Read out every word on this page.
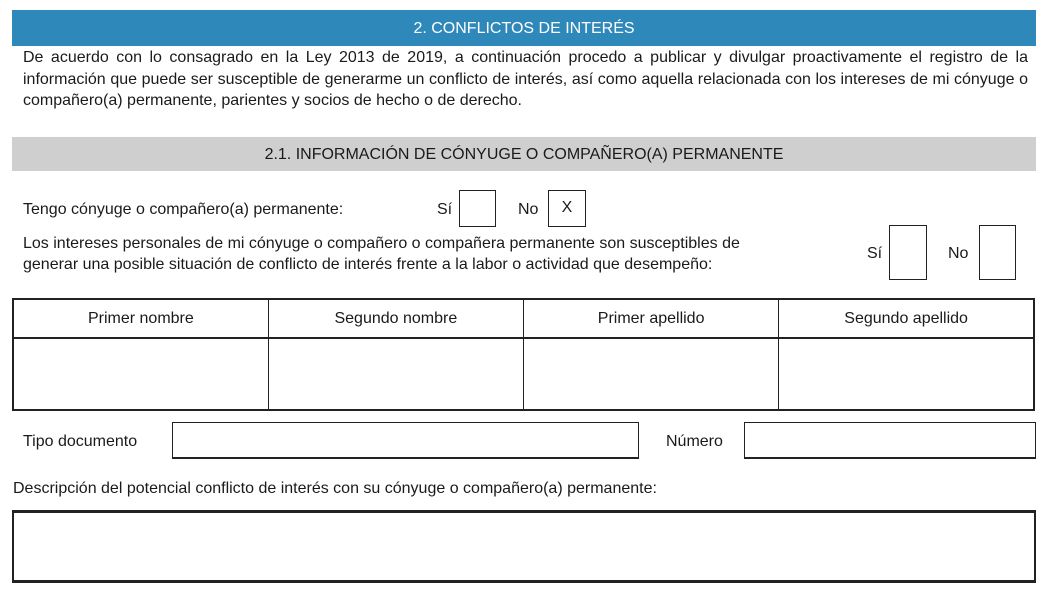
2. CONFLICTOS DE INTERÉS
De acuerdo con lo consagrado en la Ley 2013 de 2019, a continuación procedo a publicar y divulgar proactivamente el registro de la información que puede ser susceptible de generarme un conflicto de interés, así como aquella relacionada con los intereses de mi cónyuge o compañero(a) permanente, parientes y socios de hecho o de derecho.
2.1. INFORMACIÓN DE CÓNYUGE O COMPAÑERO(A) PERMANENTE
Tengo cónyuge o compañero(a) permanente:	Sí	No	X
Los intereses personales de mi cónyuge o compañero o compañera permanente son susceptibles de
generar una posible situación de conflicto de interés frente a la labor o actividad que desempeño:
Sí	No
Primer nombre	Segundo nombre	Primer apellido	Segundo apellido

Tipo documento	Número
Descripción del potencial conflicto de interés con su cónyuge o compañero(a) permanente:
